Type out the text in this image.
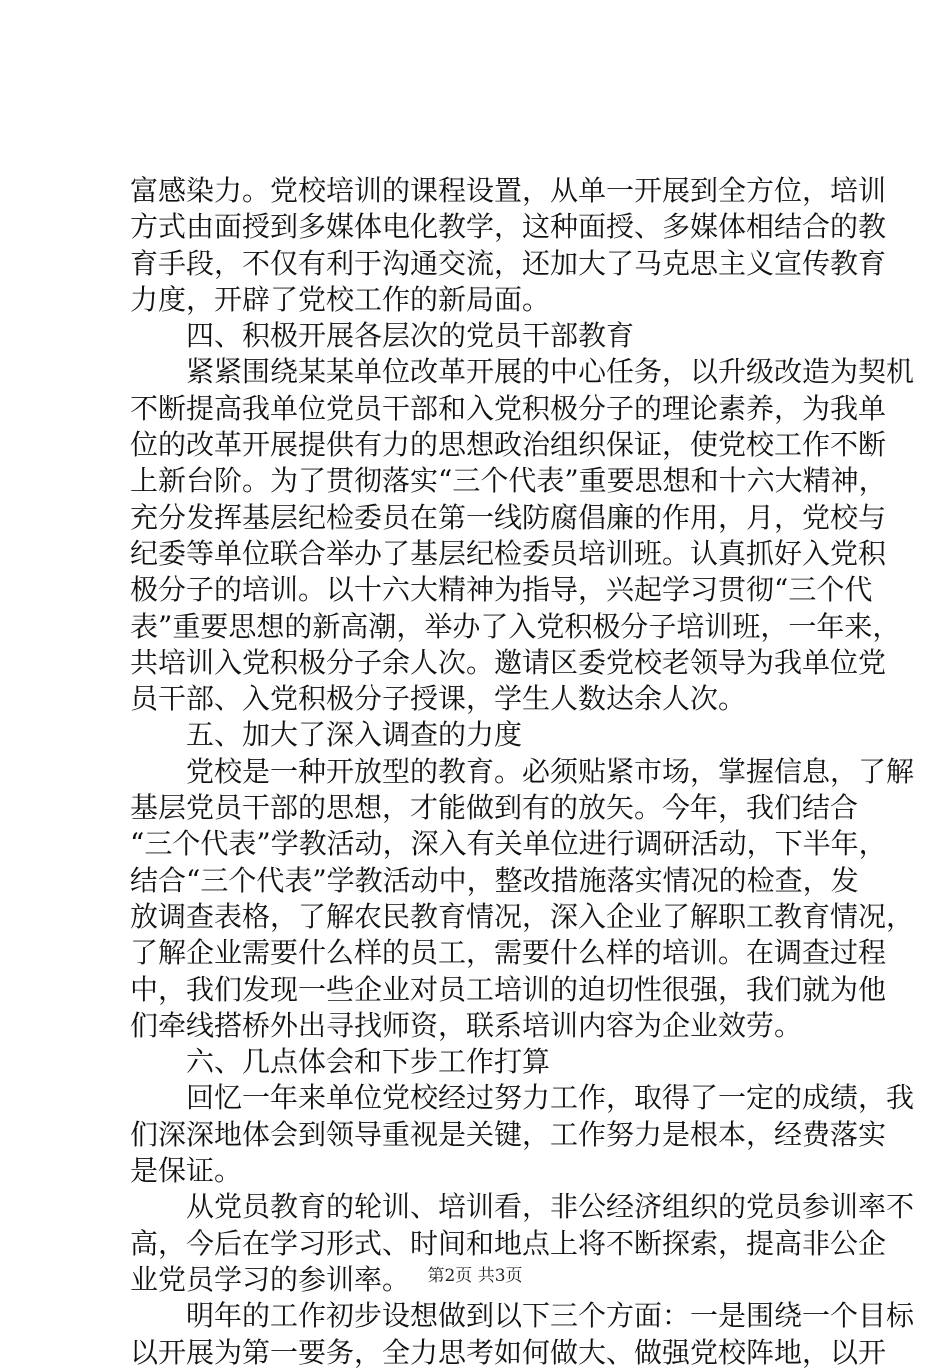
富感染力。党校培训的课程设置，从单一开展到全方位，培训
方式由面授到多媒体电化教学，这种面授、多媒体相结合的教
育手段，不仅有利于沟通交流，还加大了马克思主义宣传教育
力度，开辟了党校工作的新局面。
四、积极开展各层次的党员干部教育
紧紧围绕某某单位改革开展的中心任务，以升级改造为契机
不断提高我单位党员干部和入党积极分子的理论素养，为我单
位的改革开展提供有力的思想政治组织保证，使党校工作不断
上新台阶。为了贯彻落实“三个代表”重要思想和十六大精神，
充分发挥基层纪检委员在第一线防腐倡廉的作用，月，党校与
纪委等单位联合举办了基层纪检委员培训班。认真抓好入党积
极分子的培训。以十六大精神为指导，兴起学习贯彻“三个代
表”重要思想的新高潮，举办了入党积极分子培训班，一年来，
共培训入党积极分子余人次。邀请区委党校老领导为我单位党
员干部、入党积极分子授课，学生人数达余人次。
五、加大了深入调查的力度
党校是一种开放型的教育。必须贴紧市场，掌握信息，了解
基层党员干部的思想，才能做到有的放矢。今年，我们结合
“三个代表”学教活动，深入有关单位进行调研活动，下半年，
结合“三个代表”学教活动中，整改措施落实情况的检查，发
放调查表格，了解农民教育情况，深入企业了解职工教育情况，
了解企业需要什么样的员工，需要什么样的培训。在调查过程
中，我们发现一些企业对员工培训的迫切性很强，我们就为他
们牵线搭桥外出寻找师资，联系培训内容为企业效劳。
六、几点体会和下步工作打算
回忆一年来单位党校经过努力工作，取得了一定的成绩，我
们深深地体会到领导重视是关键，工作努力是根本，经费落实
是保证。
从党员教育的轮训、培训看，非公经济组织的党员参训率不
高，今后在学习形式、时间和地点上将不断探索，提高非公企
业党员学习的参训率。
明年的工作初步设想做到以下三个方面：一是围绕一个目标
以开展为第一要务，全力思考如何做大、做强党校阵地，以开
第2页 共3页
